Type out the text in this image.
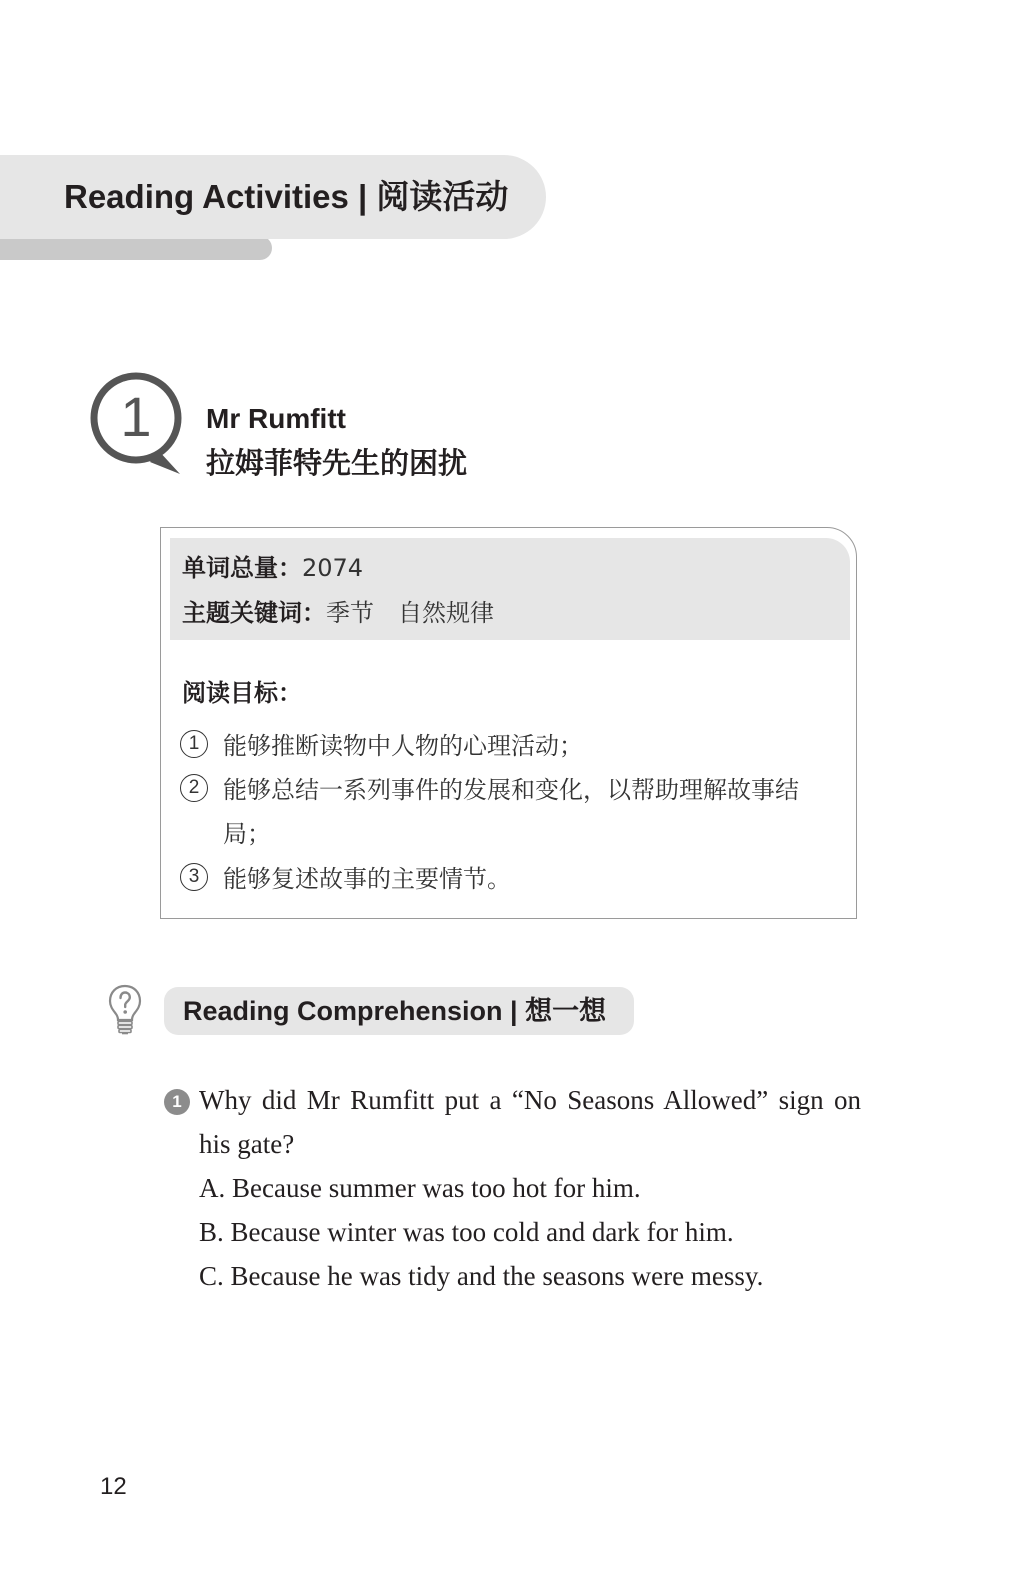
Reading Activities | 阅读活动
1 Mr Rumfitt
拉姆菲特先生的困扰
单词总量：2074
主题关键词：季节　自然规律
阅读目标：
1 能够推断读物中人物的心理活动；
2 能够总结一系列事件的发展和变化，以帮助理解故事结局；
3 能够复述故事的主要情节。
Reading Comprehension | 想一想
1 Why did Mr Rumfitt put a “No Seasons Allowed” sign on his gate?
A. Because summer was too hot for him.
B. Because winter was too cold and dark for him.
C. Because he was tidy and the seasons were messy.
12
